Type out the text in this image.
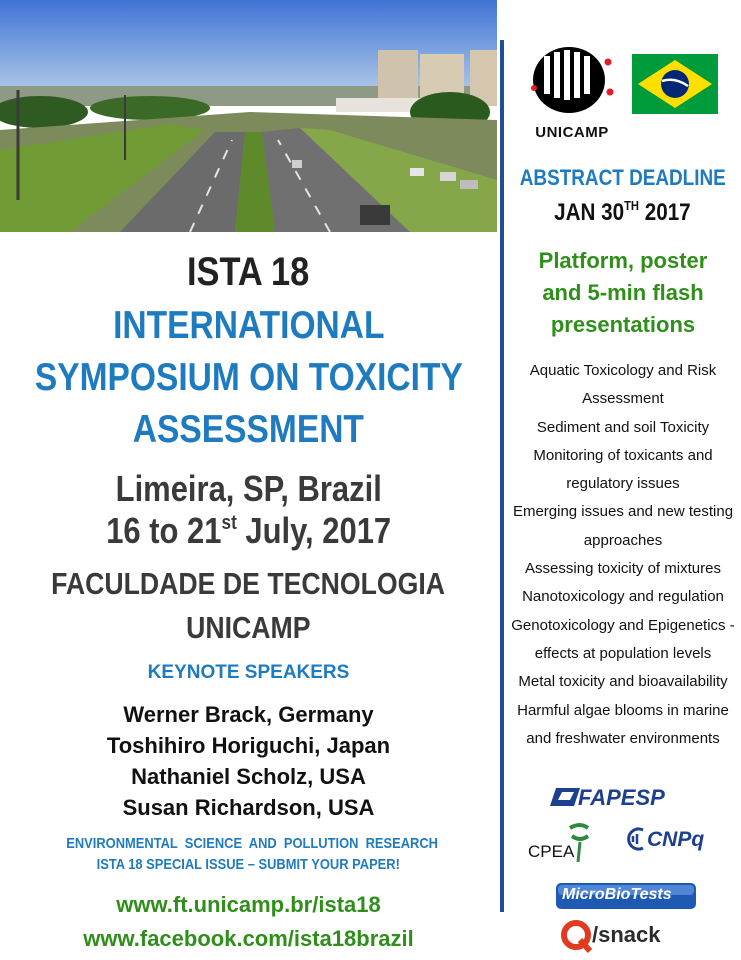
ISTA 18
INTERNATIONAL
SYMPOSIUM ON TOXICITY
ASSESSMENT
Limeira, SP, Brazil
16 to 21st July, 2017
FACULDADE DE TECNOLOGIA
UNICAMP
KEYNOTE SPEAKERS
Werner Brack, Germany
Toshihiro Horiguchi, Japan
Nathaniel Scholz, USA
Susan Richardson, USA
ENVIRONMENTAL  SCIENCE  AND  POLLUTION  RESEARCH
ISTA 18 SPECIAL ISSUE – SUBMIT YOUR PAPER!
www.ft.unicamp.br/ista18
www.facebook.com/ista18brazil
UNICAMP
ABSTRACT DEADLINE
JAN 30TH 2017
Platform, poster
and 5-min flash
presentations
Aquatic Toxicology and Risk
Assessment
Sediment and soil Toxicity
Monitoring of toxicants and
regulatory issues
Emerging issues and new testing
approaches
Assessing toxicity of mixtures
Nanotoxicology and regulation
Genotoxicology and Epigenetics -
effects at population levels
Metal toxicity and bioavailability
Harmful algae blooms in marine
and freshwater environments
FAPESP
CPEA
CNPq
MicroBioTests
/snack
